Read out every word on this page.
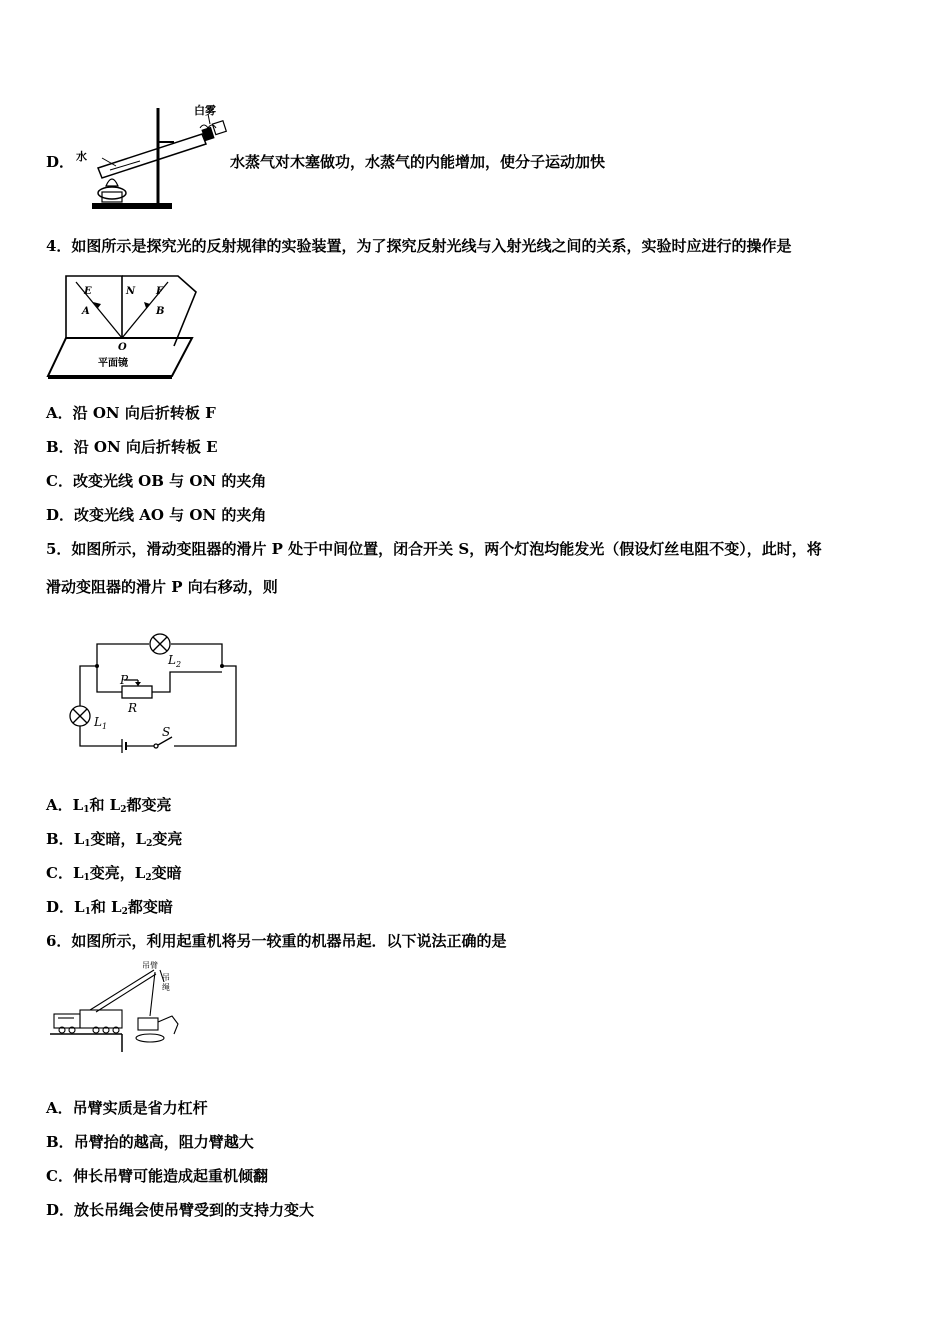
D．
白雾
水	水蒸气对木塞做功，水蒸气的内能增加，使分子运动加快
4．如图所示是探究光的反射规律的实验装置，为了探究反射光线与入射光线之间的关系，实验时应进行的操作是
E	N F
A	B
O
平面镜
A．沿 ON 向后折转板 F
B．沿 ON 向后折转板 E
C．改变光线 OB 与 ON 的夹角
D．改变光线 AO 与 ON 的夹角
5．如图所示，滑动变阻器的滑片 P 处于中间位置，闭合开关 S，两个灯泡均能发光（假设灯丝电阻不变），此时，将
滑动变阻器的滑片 P 向右移动，则
$L_2$
$L_1$
P
R
S
A．$L_1$和 $L_2$都变亮
B．$L_1$变暗，$L_2$变亮
C．$L_1$变亮，$L_2$变暗
D．$L_1$和 $L_2$都变暗
6．如图所示，利用起重机将另一较重的机器吊起．以下说法正确的是
吊臂
吊
绳
A．吊臂实质是省力杠杆
B．吊臂抬的越高，阻力臂越大
C．伸长吊臂可能造成起重机倾翻
D．放长吊绳会使吊臂受到的支持力变大
